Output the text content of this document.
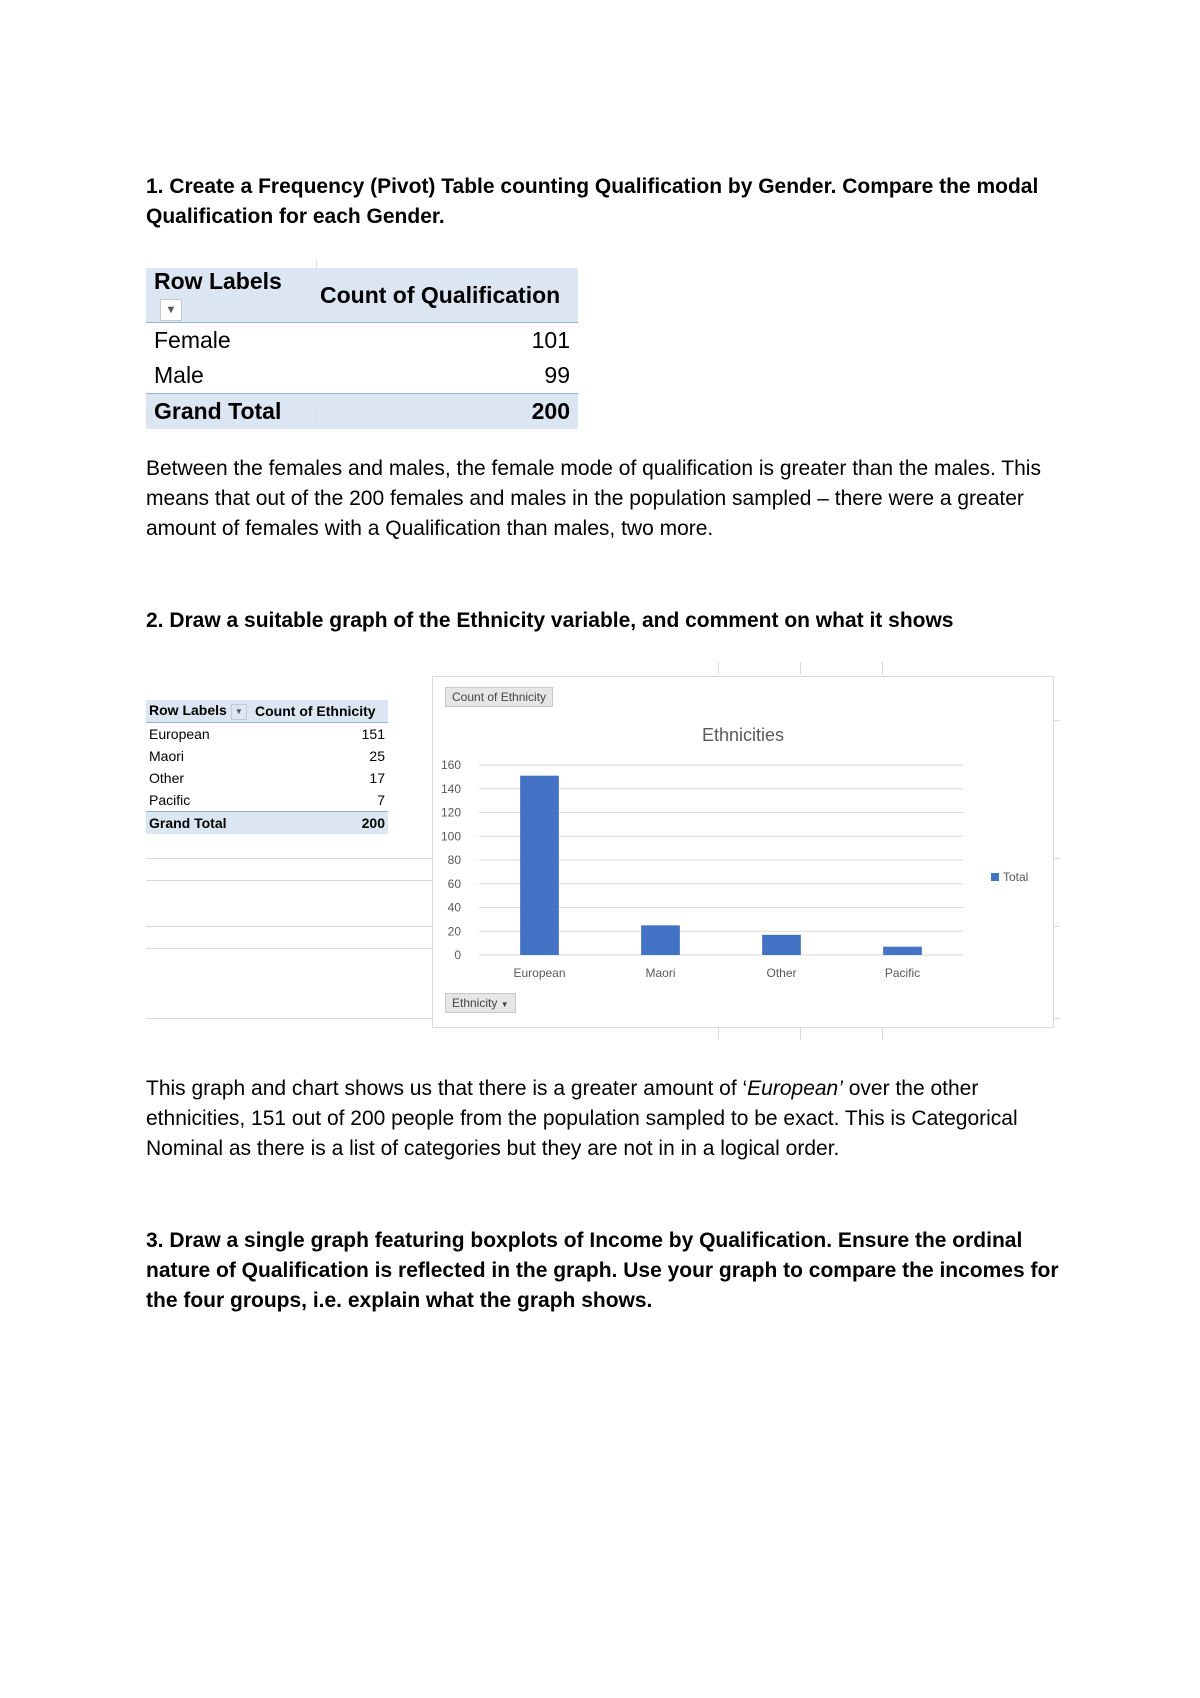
1. Create a Frequency (Pivot) Table counting Qualification by Gender. Compare the modal Qualification for each Gender.

Row Labels▼	Count of Qualification
Female	101
Male	99
Grand Total	200

Between the females and males, the female mode of qualification is greater than the males. This means that out of the 200 females and males in the population sampled – there were a greater amount of females with a Qualification than males, two more.

2. Draw a suitable graph of the Ethnicity variable, and comment on what it shows

Row Labels ▼	Count of Ethnicity
European	151
Maori	25
Other	17
Pacific	7
Grand Total	200
Count of Ethnicity
Ethnicities
0
20
40
60
80
100
120
140
160
European	Maori	Other	Pacific
Total
Ethnicity ▼

This graph and chart shows us that there is a greater amount of ‘European’ over the other ethnicities, 151 out of 200 people from the population sampled to be exact. This is Categorical Nominal as there is a list of categories but they are not in in a logical order.

3. Draw a single graph featuring boxplots of Income by Qualification. Ensure the ordinal nature of Qualification is reflected in the graph. Use your graph to compare the incomes for the four groups, i.e. explain what the graph shows.
